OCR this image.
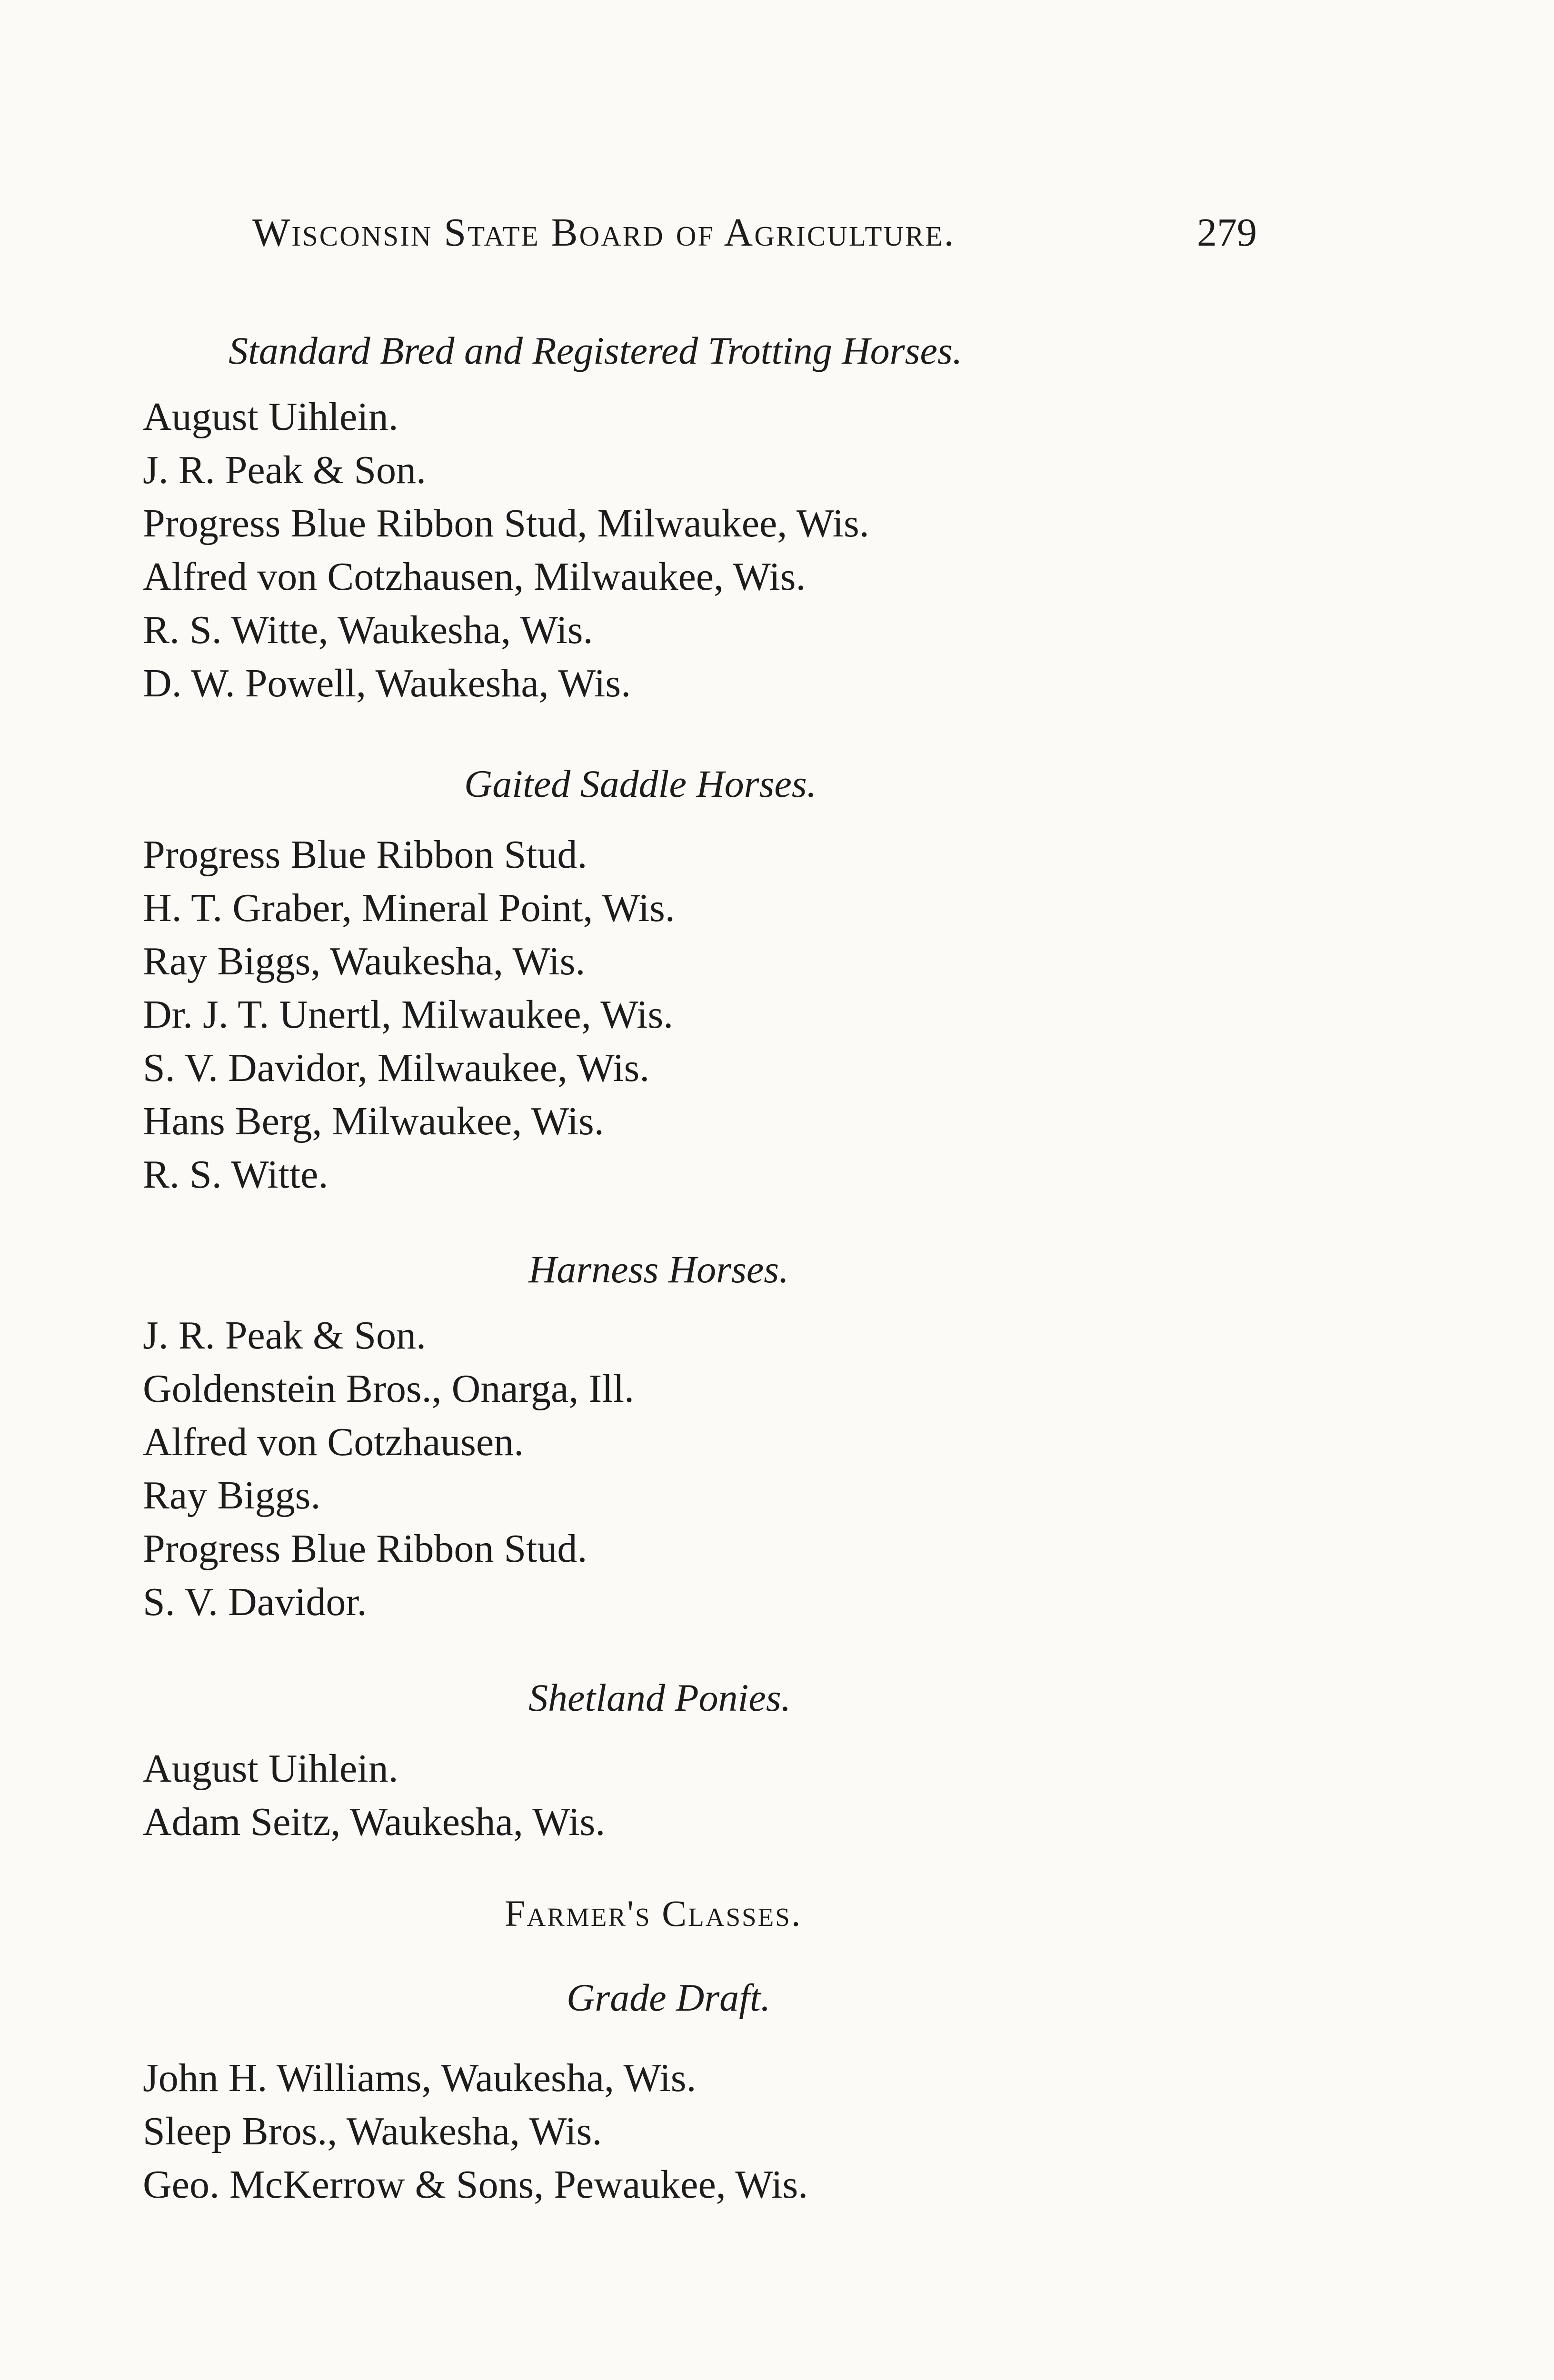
Wisconsin State Board of Agriculture.	279
Standard Bred and Registered Trotting Horses.
August Uihlein.
J. R. Peak & Son.
Progress Blue Ribbon Stud, Milwaukee, Wis.
Alfred von Cotzhausen, Milwaukee, Wis.
R. S. Witte, Waukesha, Wis.
D. W. Powell, Waukesha, Wis.
Gaited Saddle Horses.
Progress Blue Ribbon Stud.
H. T. Graber, Mineral Point, Wis.
Ray Biggs, Waukesha, Wis.
Dr. J. T. Unertl, Milwaukee, Wis.
S. V. Davidor, Milwaukee, Wis.
Hans Berg, Milwaukee, Wis.
R. S. Witte.
Harness Horses.
J. R. Peak & Son.
Goldenstein Bros., Onarga, Ill.
Alfred von Cotzhausen.
Ray Biggs.
Progress Blue Ribbon Stud.
S. V. Davidor.
Shetland Ponies.
August Uihlein.
Adam Seitz, Waukesha, Wis.
Farmer's Classes.
Grade Draft.
John H. Williams, Waukesha, Wis.
Sleep Bros., Waukesha, Wis.
Geo. McKerrow & Sons, Pewaukee, Wis.
